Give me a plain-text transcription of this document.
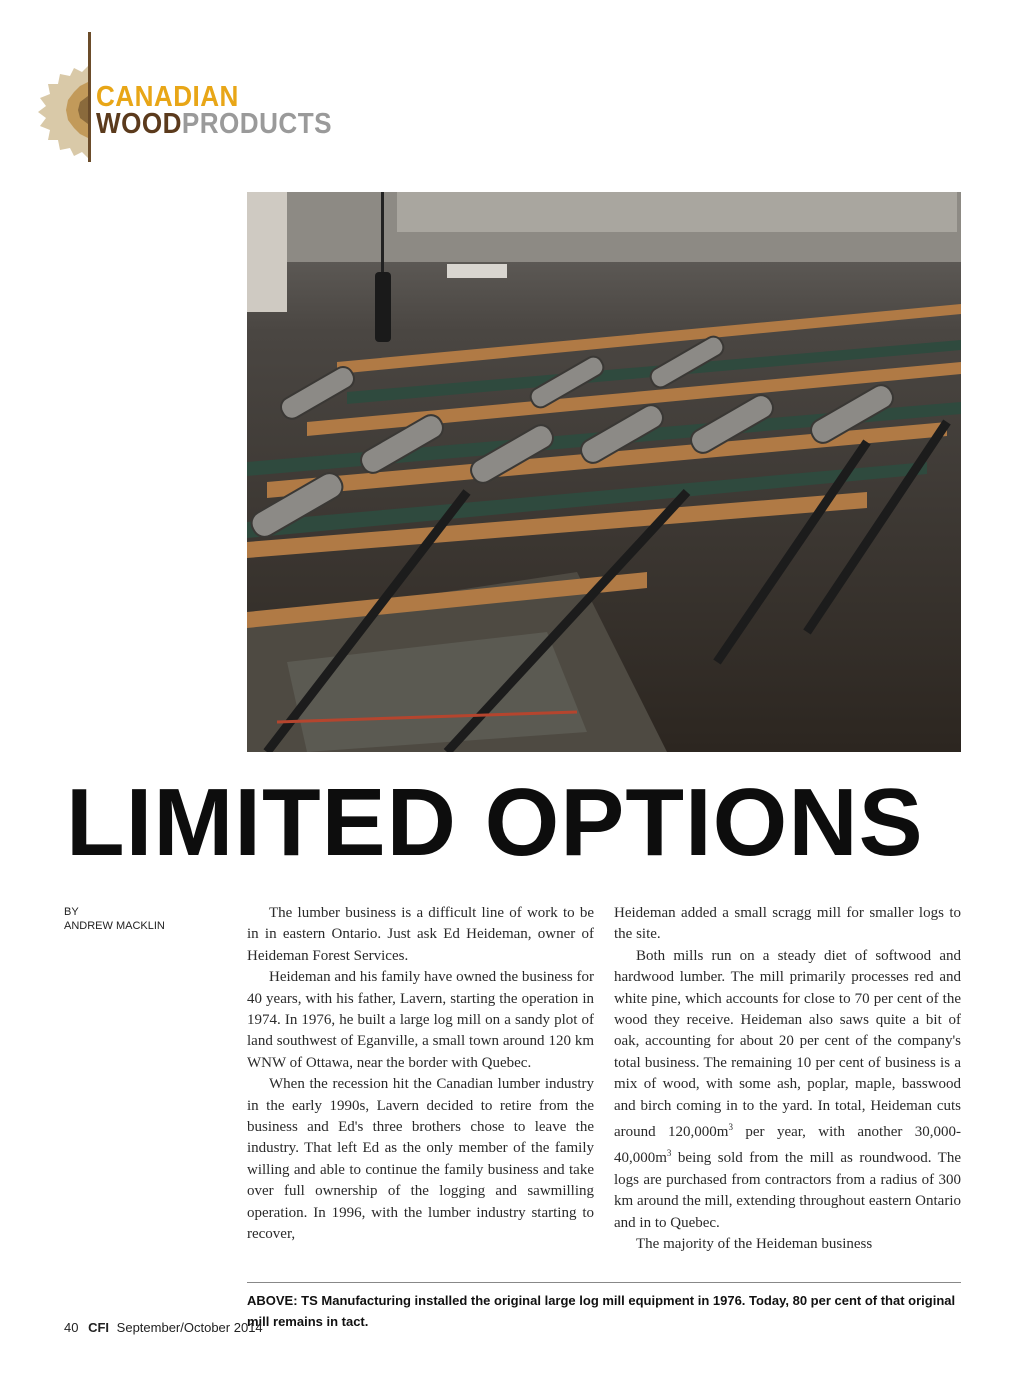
CANADIAN
WOODPRODUCTS
LIMITED OPTIONS
BY
ANDREW MACKLIN

The lumber business is a difficult line of work to be in in eastern Ontario. Just ask Ed Heideman, owner of Heideman Forest Services.

Heideman and his family have owned the business for 40 years, with his father, Lavern, starting the operation in 1974. In 1976, he built a large log mill on a sandy plot of land southwest of Eganville, a small town around 120 km WNW of Ottawa, near the border with Quebec.

When the recession hit the Canadian lumber industry in the early 1990s, Lavern decided to retire from the business and Ed's three brothers chose to leave the industry. That left Ed as the only member of the family willing and able to continue the family business and take over full ownership of the logging and sawmilling operation. In 1996, with the lumber industry starting to recover,

Heideman added a small scragg mill for smaller logs to the site.

Both mills run on a steady diet of softwood and hardwood lumber. The mill primarily processes red and white pine, which accounts for close to 70 per cent of the wood they receive. Heideman also saws quite a bit of oak, accounting for about 20 per cent of the company's total business. The remaining 10 per cent of business is a mix of wood, with some ash, poplar, maple, basswood and birch coming in to the yard. In total, Heideman cuts around $120,000m^3$ per year, with another $30,000-40,000m^3$ being sold from the mill as roundwood. The logs are purchased from contractors from a radius of 300 km around the mill, extending throughout eastern Ontario and in to Quebec.

The majority of the Heideman business

ABOVE: TS Manufacturing installed the original large log mill equipment in 1976. Today, 80 per cent of that original mill remains in tact.
40 CFI September/October 2014
